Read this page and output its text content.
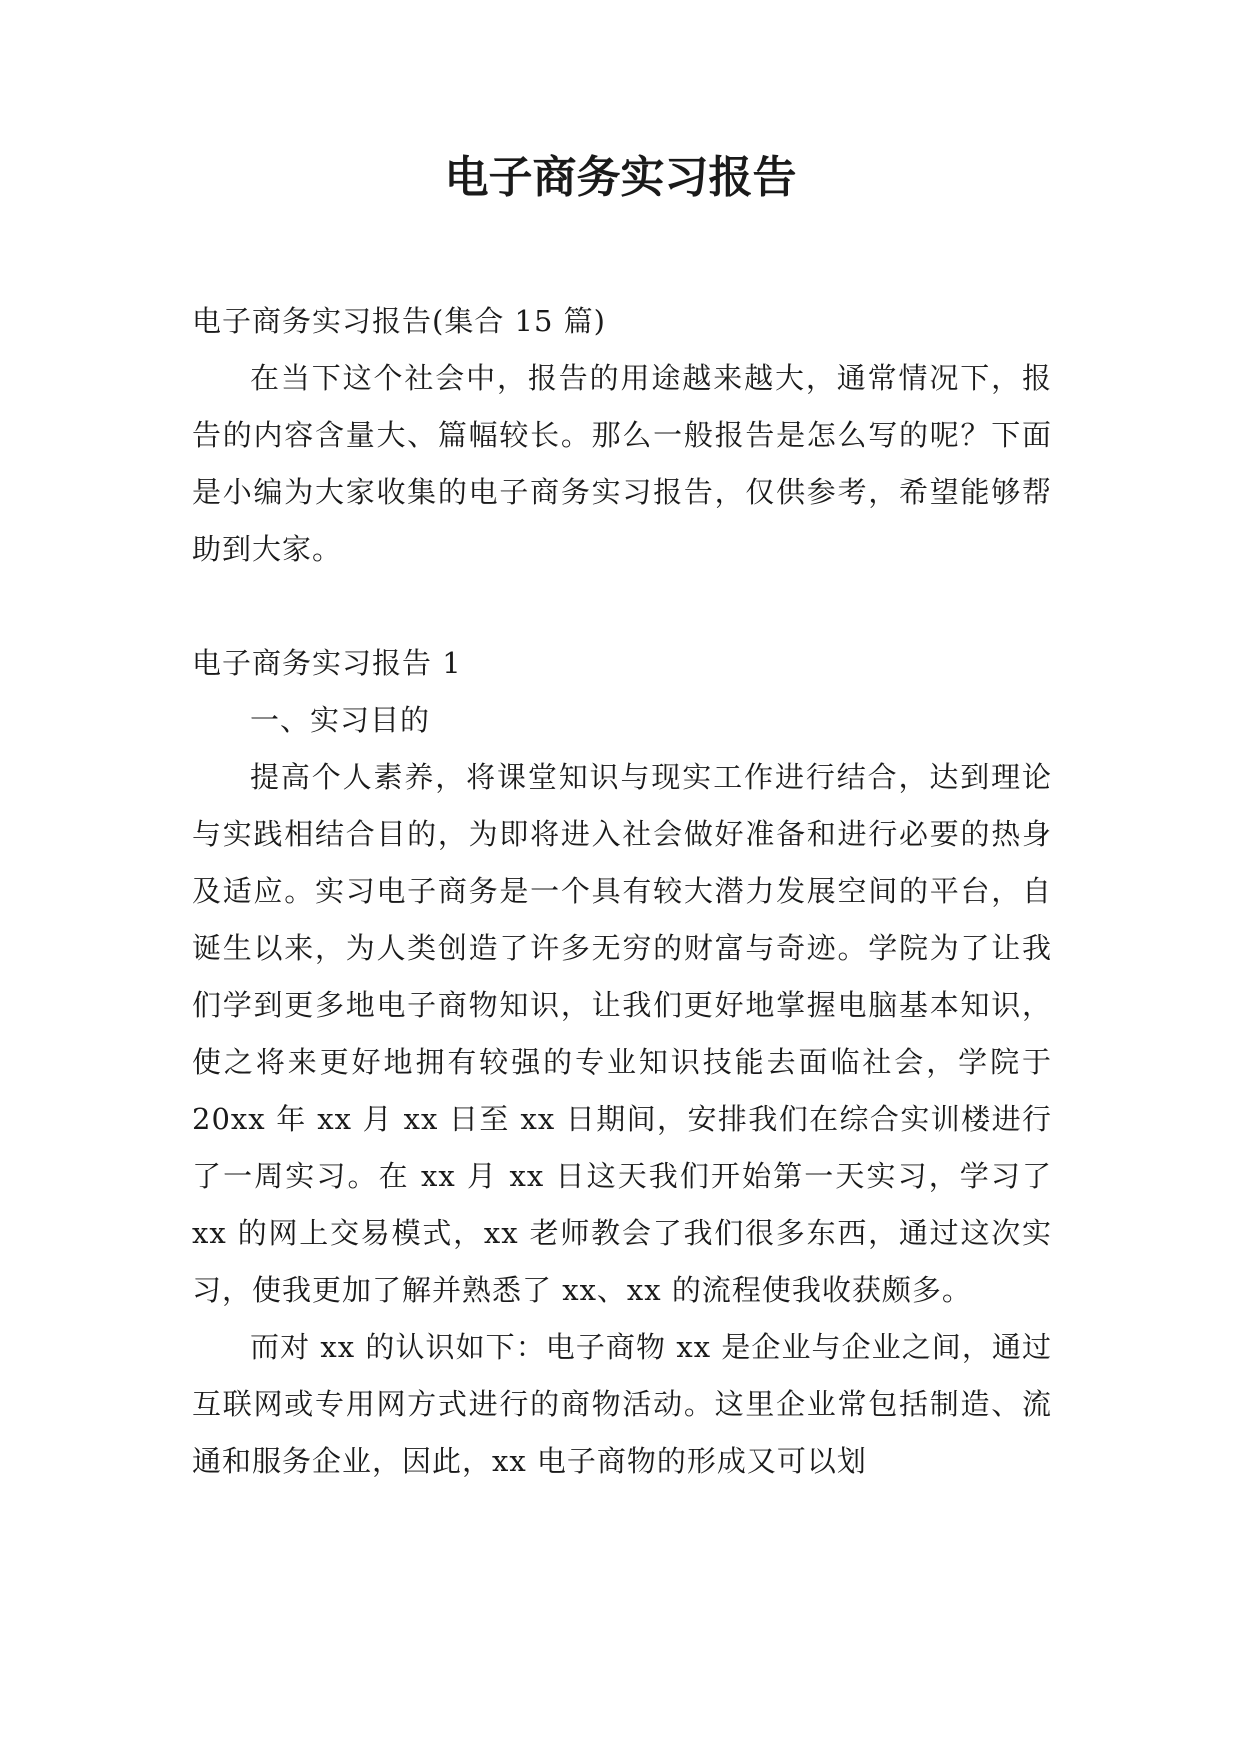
电子商务实习报告

电子商务实习报告(集合 15 篇)

在当下这个社会中，报告的用途越来越大，通常情况下，报告的内容含量大、篇幅较长。那么一般报告是怎么写的呢？下面是小编为大家收集的电子商务实习报告，仅供参考，希望能够帮助到大家。

电子商务实习报告 1

一、实习目的

提高个人素养，将课堂知识与现实工作进行结合，达到理论与实践相结合目的，为即将进入社会做好准备和进行必要的热身及适应。实习电子商务是一个具有较大潜力发展空间的平台，自诞生以来，为人类创造了许多无穷的财富与奇迹。学院为了让我们学到更多地电子商物知识，让我们更好地掌握电脑基本知识，使之将来更好地拥有较强的专业知识技能去面临社会，学院于 20xx 年 xx 月 xx 日至 xx 日期间，安排我们在综合实训楼进行了一周实习。在 xx 月 xx 日这天我们开始第一天实习，学习了 xx 的网上交易模式，xx 老师教会了我们很多东西，通过这次实习，使我更加了解并熟悉了 xx、xx 的流程使我收获颇多。

而对 xx 的认识如下：电子商物 xx 是企业与企业之间，通过互联网或专用网方式进行的商物活动。这里企业常包括制造、流通和服务企业，因此，xx 电子商物的形成又可以划
